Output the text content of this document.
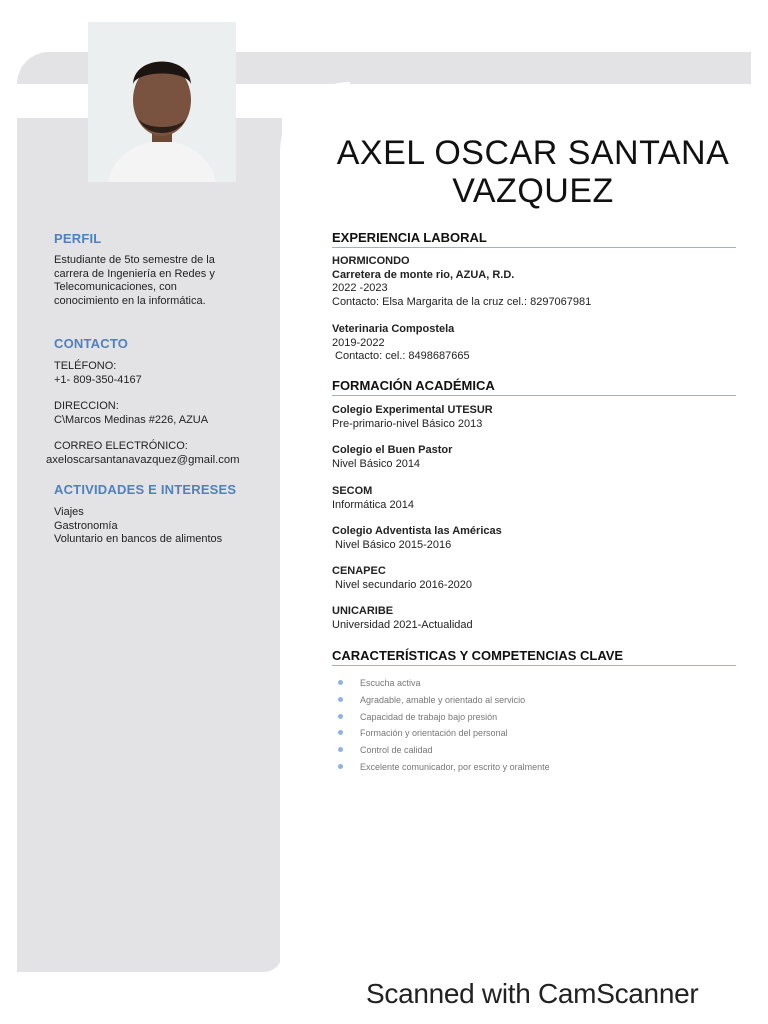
PERFIL
Estudiante de 5to semestre de la
carrera de Ingeniería en Redes y
Telecomunicaciones, con
conocimiento en la informática.
CONTACTO
TELÉFONO:
+1- 809-350-4167
DIRECCION:
C\Marcos Medinas #226, AZUA
CORREO ELECTRÓNICO:
axeloscarsantanavazquez@gmail.com
ACTIVIDADES E INTERESES
Viajes
Gastronomía
Voluntario en bancos de alimentos
AXEL OSCAR SANTANA
VAZQUEZ
EXPERIENCIA LABORAL
HORMICONDO
Carretera de monte rio, AZUA, R.D.
2022 -2023
Contacto: Elsa Margarita de la cruz cel.: 8297067981
Veterinaria Compostela
2019-2022
Contacto: cel.: 8498687665
FORMACIÓN ACADÉMICA
Colegio Experimental UTESUR
Pre-primario-nivel Básico 2013
Colegio el Buen Pastor
Nivel Básico 2014
SECOM
Informática 2014
Colegio Adventista las Américas
Nivel Básico 2015-2016
CENAPEC
Nivel secundario 2016-2020
UNICARIBE
Universidad 2021-Actualidad
CARACTERÍSTICAS Y COMPETENCIAS CLAVE
Escucha activa
Agradable, amable y orientado al servicio
Capacidad de trabajo bajo presión
Formación y orientación del personal
Control de calidad
Excelente comunicador, por escrito y oralmente
Scanned with CamScanner
